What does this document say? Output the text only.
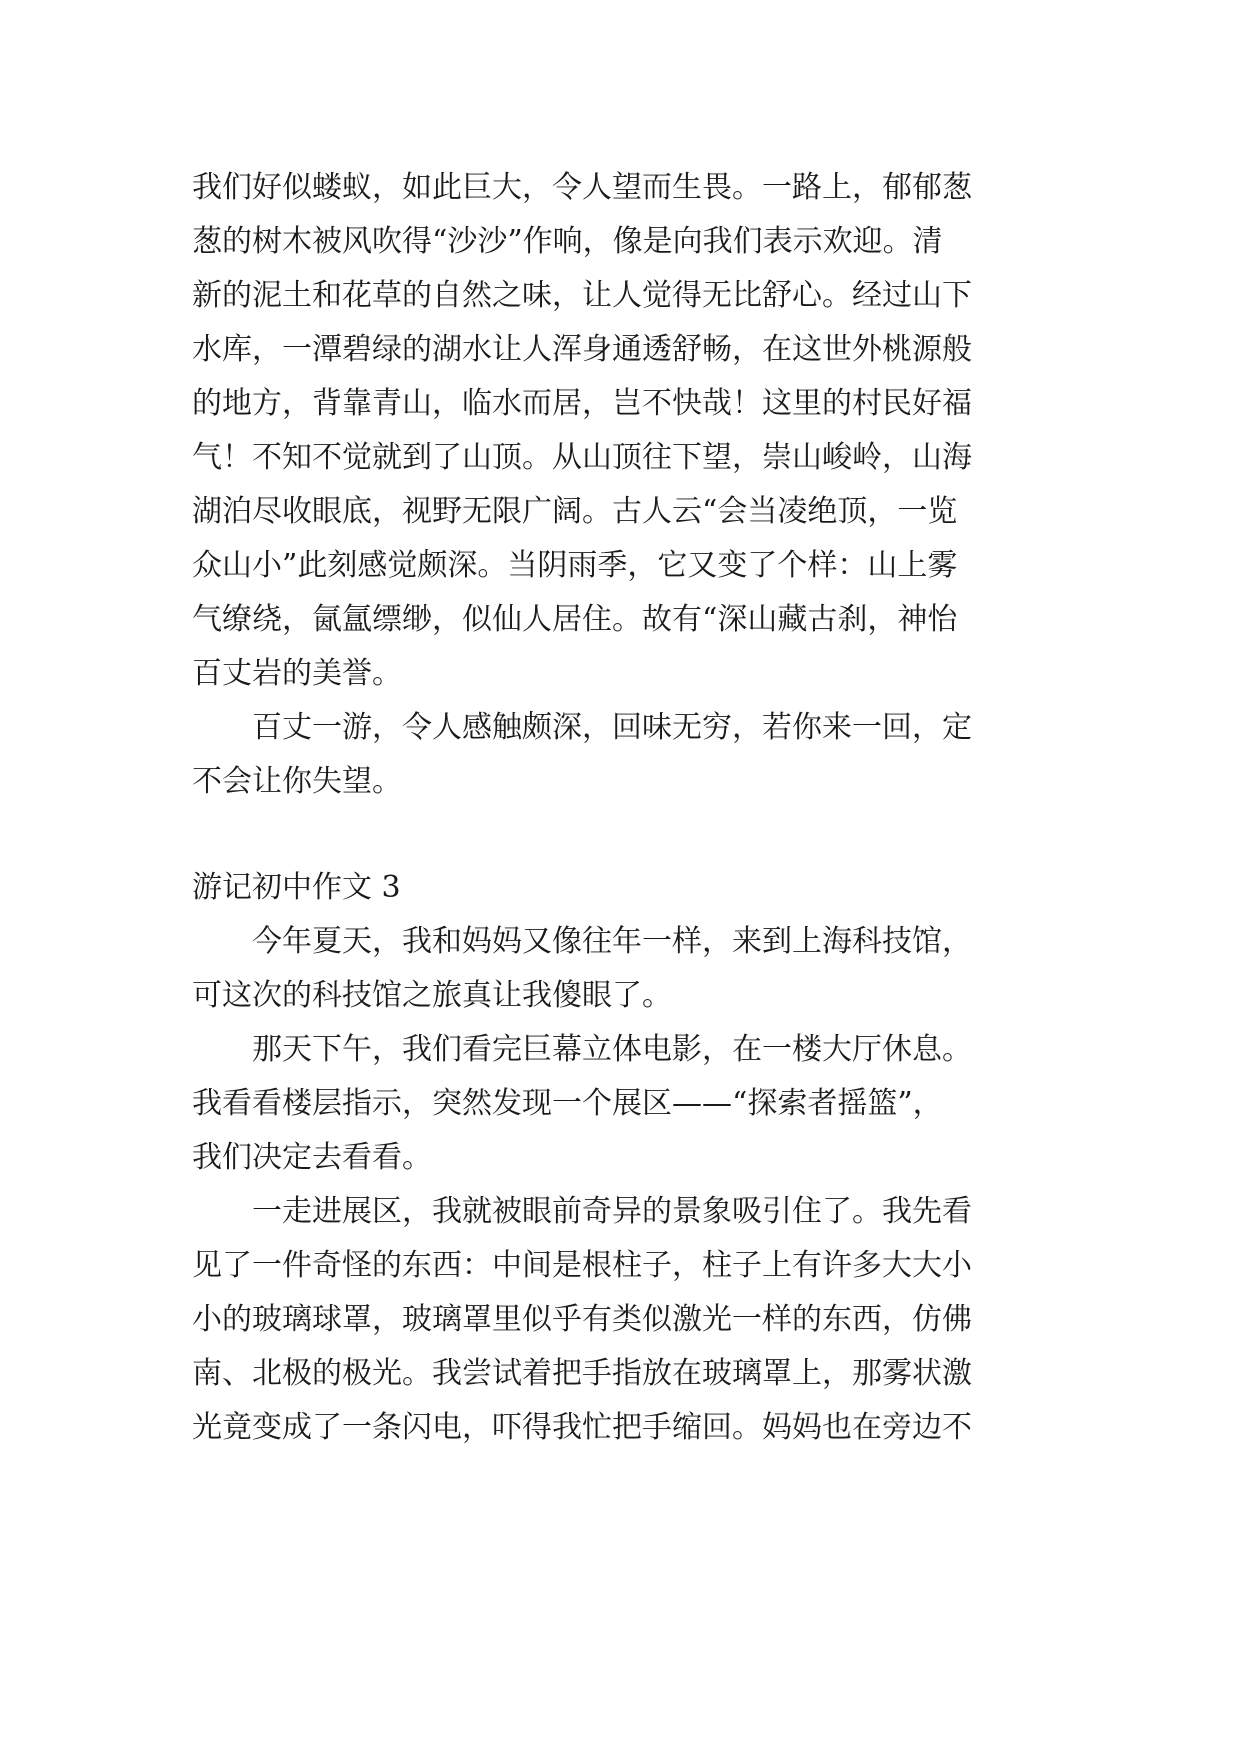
我们好似蝼蚁，如此巨大，令人望而生畏。一路上，郁郁葱
葱的树木被风吹得“沙沙”作响，像是向我们表示欢迎。清
新的泥土和花草的自然之味，让人觉得无比舒心。经过山下
水库，一潭碧绿的湖水让人浑身通透舒畅，在这世外桃源般
的地方，背靠青山，临水而居，岂不快哉！这里的村民好福
气！不知不觉就到了山顶。从山顶往下望，崇山峻岭，山海
湖泊尽收眼底，视野无限广阔。古人云“会当凌绝顶，一览
众山小”此刻感觉颇深。当阴雨季，它又变了个样：山上雾
气缭绕，氤氲缥缈，似仙人居住。故有“深山藏古刹，神怡
百丈岩的美誉。
百丈一游，令人感触颇深，回味无穷，若你来一回，定
不会让你失望。
游记初中作文 3
今年夏天，我和妈妈又像往年一样，来到上海科技馆，
可这次的科技馆之旅真让我傻眼了。
那天下午，我们看完巨幕立体电影，在一楼大厅休息。
我看看楼层指示，突然发现一个展区——“探索者摇篮”，
我们决定去看看。
一走进展区，我就被眼前奇异的景象吸引住了。我先看
见了一件奇怪的东西：中间是根柱子，柱子上有许多大大小
小的玻璃球罩，玻璃罩里似乎有类似激光一样的东西，仿佛
南、北极的极光。我尝试着把手指放在玻璃罩上，那雾状激
光竟变成了一条闪电，吓得我忙把手缩回。妈妈也在旁边不
